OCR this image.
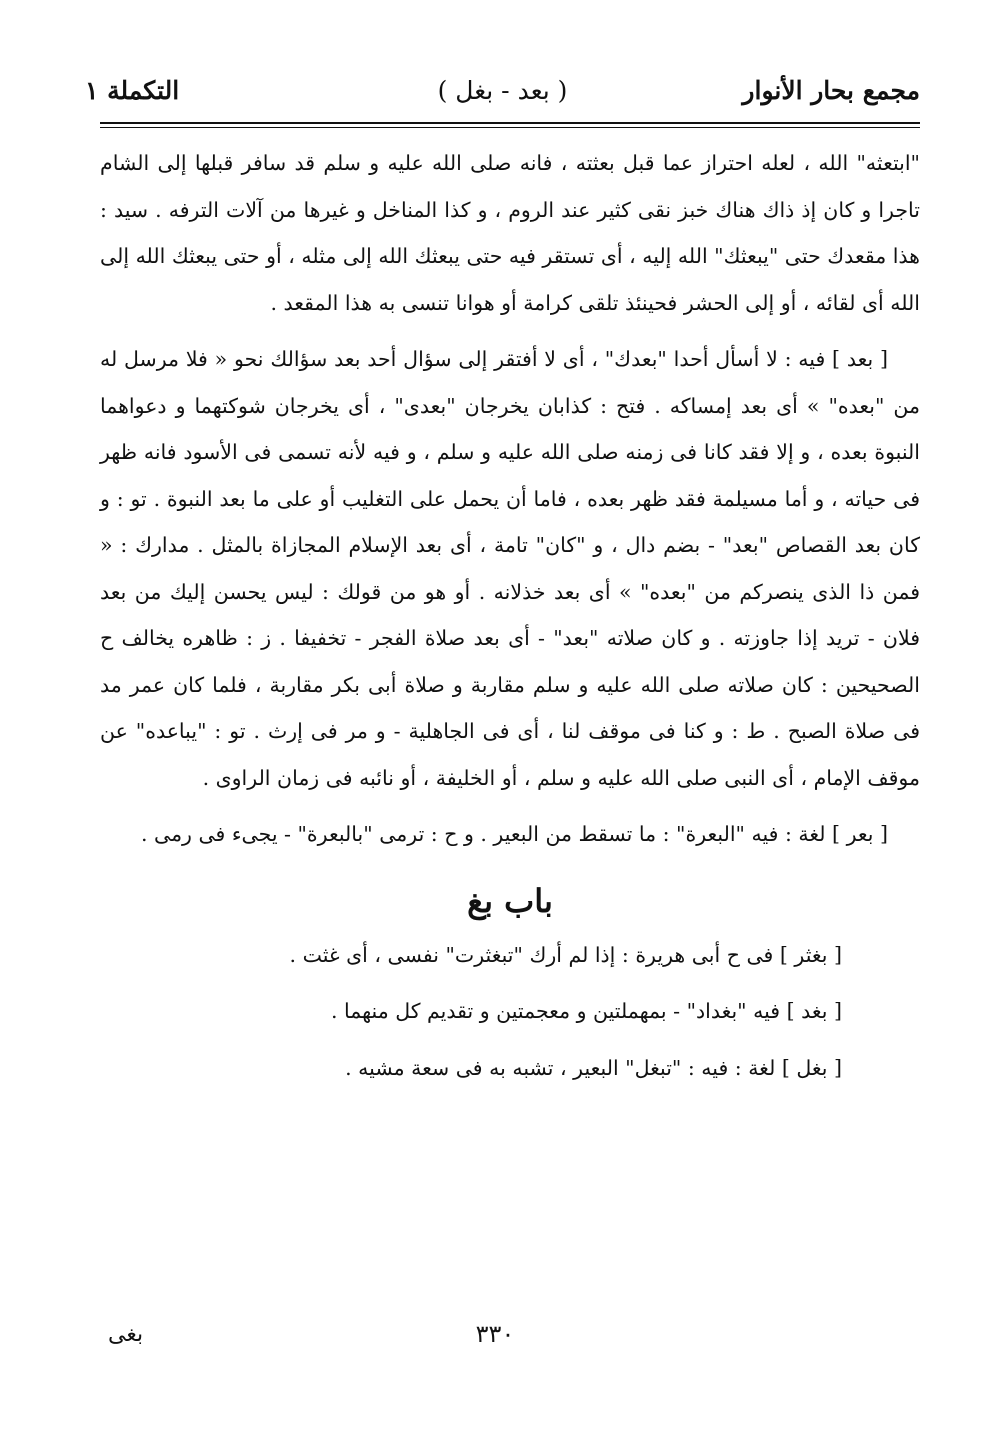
مجمع بحار الأنوار
( بعد - بغل )
التكملة ١

"ابتعثه" الله ، لعله احتراز عما قبل بعثته ، فانه صلى الله عليه و سلم قد سافر قبلها إلى الشام تاجرا و كان إذ ذاك هناك خبز نقى كثير عند الروم ، و كذا المناخل و غيرها من آلات الترفه . سيد : هذا مقعدك حتى "يبعثك" الله إليه ، أى تستقر فيه حتى يبعثك الله إلى مثله ، أو حتى يبعثك الله إلى الله أى لقائه ، أو إلى الحشر فحينئذ تلقى كرامة أو هوانا تنسى به هذا المقعد .

[ بعد ] فيه : لا أسأل أحدا "بعدك" ، أى لا أفتقر إلى سؤال أحد بعد سؤالك نحو « فلا مرسل له من "بعده" » أى بعد إمساكه . فتح : كذابان يخرجان "بعدى" ، أى يخرجان شوكتهما و دعواهما النبوة بعده ، و إلا فقد كانا فى زمنه صلى الله عليه و سلم ، و فيه لأنه تسمى فى الأسود فانه ظهر فى حياته ، و أما مسيلمة فقد ظهر بعده ، فاما أن يحمل على التغليب أو على ما بعد النبوة . تو : و كان بعد القصاص "بعد" - بضم دال ، و "كان" تامة ، أى بعد الإسلام المجازاة بالمثل . مدارك : « فمن ذا الذى ينصركم من "بعده" » أى بعد خذلانه . أو هو من قولك : ليس يحسن إليك من بعد فلان - تريد إذا جاوزته . و كان صلاته "بعد" - أى بعد صلاة الفجر - تخفيفا . ز : ظاهره يخالف ح الصحيحين : كان صلاته صلى الله عليه و سلم مقاربة و صلاة أبى بكر مقاربة ، فلما كان عمر مد فى صلاة الصبح . ط : و كنا فى موقف لنا ، أى فى الجاهلية - و مر فى إرث . تو : "يباعده" عن موقف الإمام ، أى النبى صلى الله عليه و سلم ، أو الخليفة ، أو نائبه فى زمان الراوى .

[ بعر ] لغة : فيه "البعرة" : ما تسقط من البعير . و ح : ترمى "بالبعرة" - يجىء فى رمى .

باب بغ

[ بغثر ] فى ح أبى هريرة : إذا لم أرك "تبغثرت" نفسى ، أى غثت .

[ بغد ] فيه "بغداد" - بمهملتين و معجمتين و تقديم كل منهما .

[ بغل ] لغة : فيه : "تبغل" البعير ، تشبه به فى سعة مشيه .

٣٣٠
بغى
